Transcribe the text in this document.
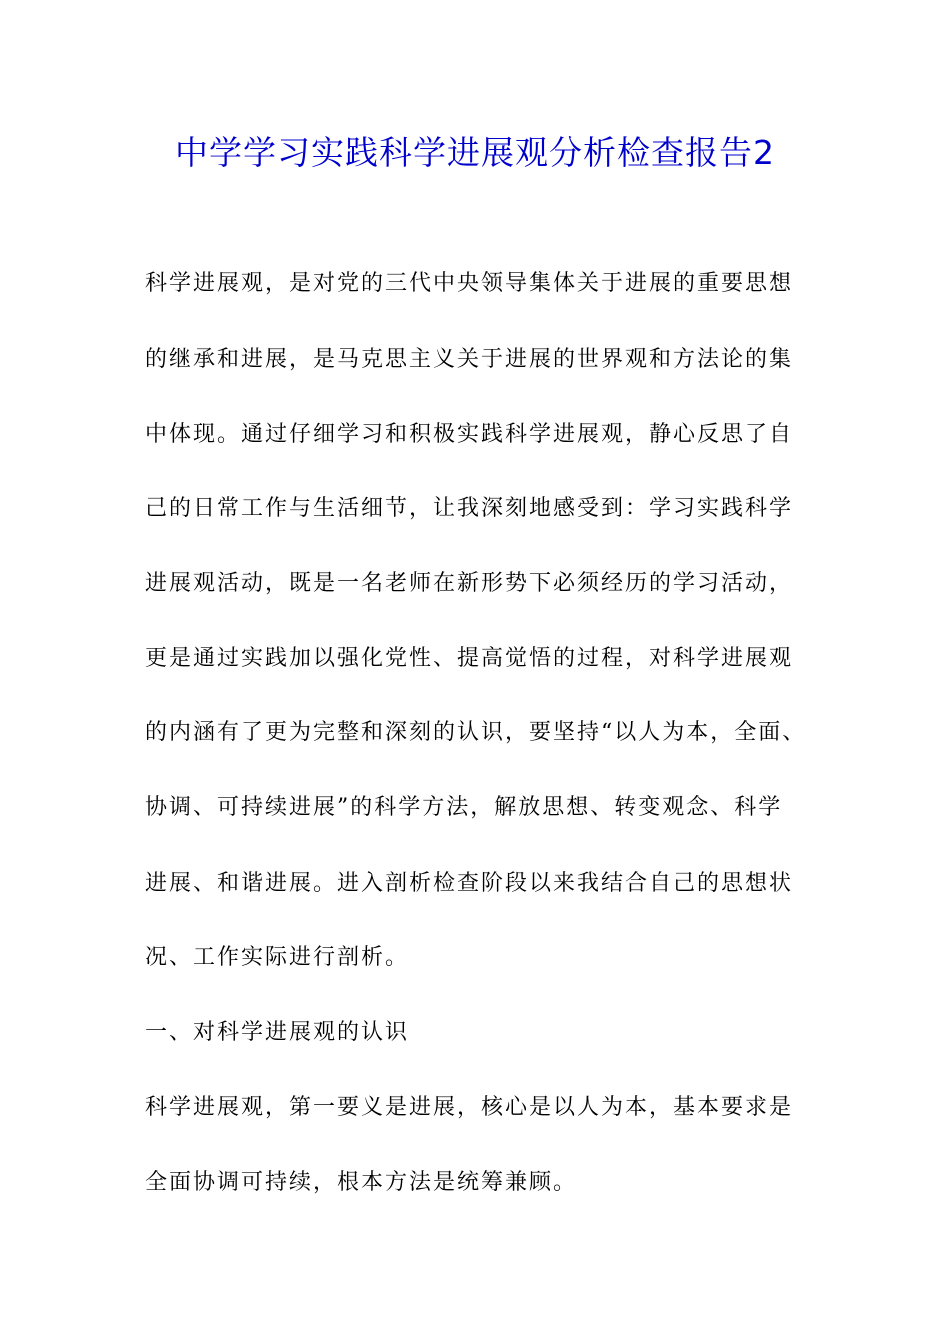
中学学习实践科学进展观分析检查报告2

科学进展观，是对党的三代中央领导集体关于进展的重要思想

的继承和进展，是马克思主义关于进展的世界观和方法论的集

中体现。通过仔细学习和积极实践科学进展观，静心反思了自

己的日常工作与生活细节，让我深刻地感受到：学习实践科学

进展观活动，既是一名老师在新形势下必须经历的学习活动，

更是通过实践加以强化党性、提高觉悟的过程，对科学进展观

的内涵有了更为完整和深刻的认识，要坚持“以人为本，全面、

协调、可持续进展”的科学方法，解放思想、转变观念、科学

进展、和谐进展。进入剖析检查阶段以来我结合自己的思想状

况、工作实际进行剖析。

一、对科学进展观的认识

科学进展观，第一要义是进展，核心是以人为本，基本要求是

全面协调可持续，根本方法是统筹兼顾。
